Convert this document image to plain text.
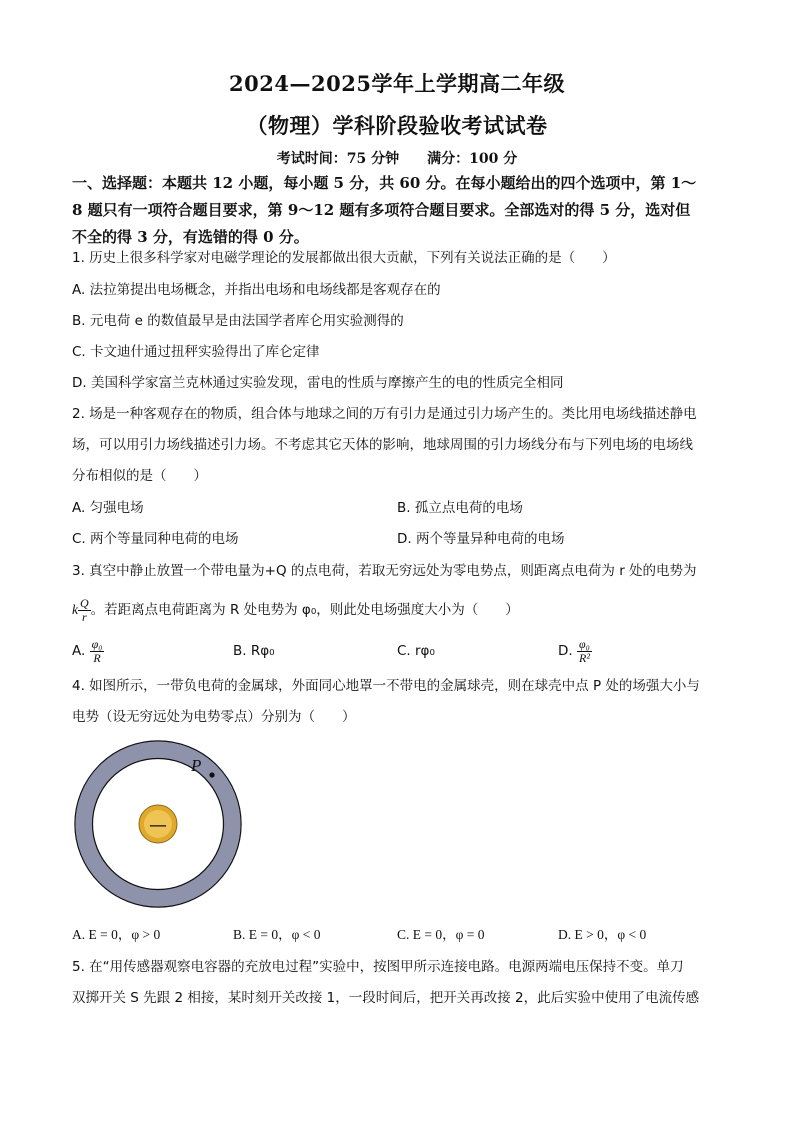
2024—2025学年上学期高二年级
（物理）学科阶段验收考试试卷
考试时间：75 分钟 满分：100 分
一、选择题：本题共 12 小题，每小题 5 分，共 60 分。在每小题给出的四个选项中，第 1～
8 题只有一项符合题目要求，第 9～12 题有多项符合题目要求。全部选对的得 5 分，选对但
不全的得 3 分，有选错的得 0 分。
1. 历史上很多科学家对电磁学理论的发展都做出很大贡献，下列有关说法正确的是（　　）
A. 法拉第提出电场概念，并指出电场和电场线都是客观存在的
B. 元电荷 e 的数值最早是由法国学者库仑用实验测得的
C. 卡文迪什通过扭秤实验得出了库仑定律
D. 美国科学家富兰克林通过实验发现，雷电的性质与摩擦产生的电的性质完全相同
2. 场是一种客观存在的物质，组合体与地球之间的万有引力是通过引力场产生的。类比用电场线描述静电
场，可以用引力场线描述引力场。不考虑其它天体的影响，地球周围的引力场线分布与下列电场的电场线
分布相似的是（　　）
A. 匀强电场	B. 孤立点电荷的电场
C. 两个等量同种电荷的电场	D. 两个等量异种电荷的电场
3. 真空中静止放置一个带电量为+Q 的点电荷，若取无穷远处为零电势点，则距离点电荷为 r 处的电势为
k $\frac{Q}{r}$ 。若距离点电荷距离为 R 处电势为 φ₀，则此处电场强度大小为（　　）
A. $\frac{\text{φ₀}}{R}$	B. Rφ₀	C. rφ₀	D. $\frac{\text{φ₀}}{\text{R²}}$
4. 如图所示，一带负电荷的金属球，外面同心地罩一不带电的金属球壳，则在球壳中点 P 处的场强大小与
电势（设无穷远处为电势零点）分别为（　　）
—
P
A. E = 0，φ > 0	B. E = 0，φ < 0	C. E = 0，φ = 0	D. E > 0，φ < 0
5. 在“用传感器观察电容器的充放电过程”实验中，按图甲所示连接电路。电源两端电压保持不变。单刀
双掷开关 S 先跟 2 相接，某时刻开关改接 1，一段时间后，把开关再改接 2，此后实验中使用了电流传感
